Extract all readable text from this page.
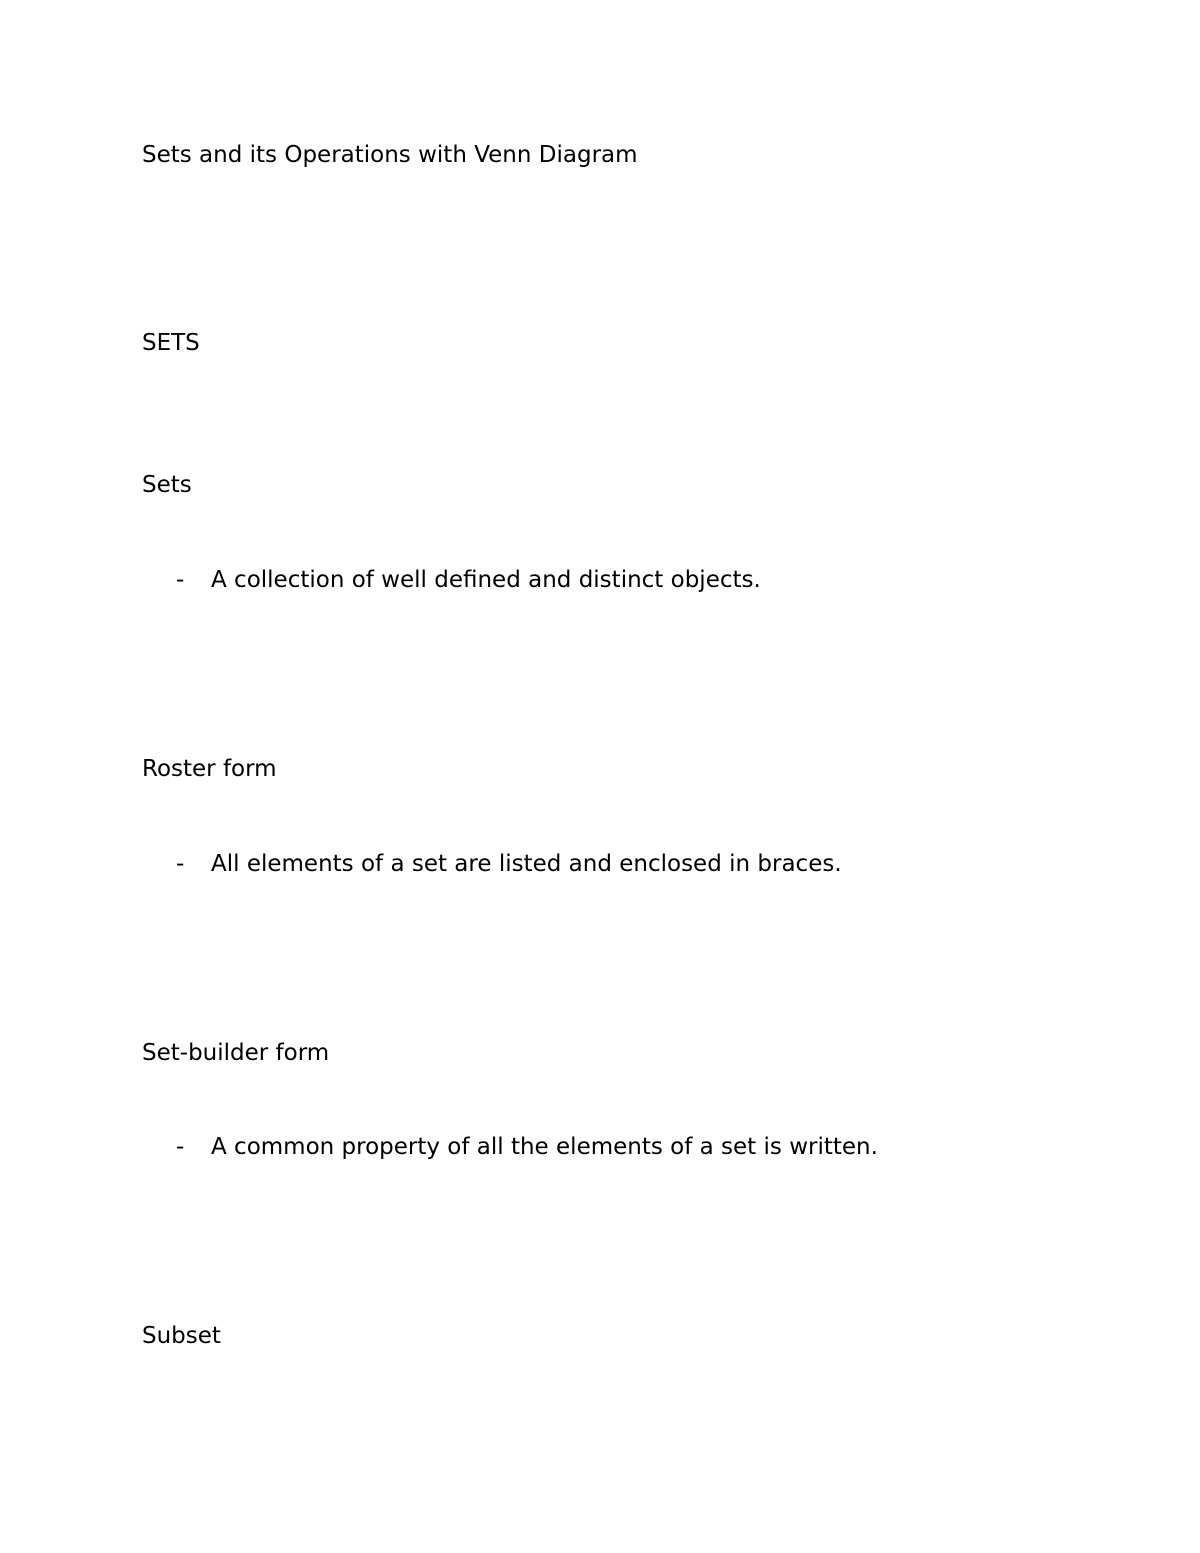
Sets and its Operations with Venn Diagram
SETS
Sets
- A collection of well defined and distinct objects.
Roster form
- All elements of a set are listed and enclosed in braces.
Set-builder form
- A common property of all the elements of a set is written.
Subset
